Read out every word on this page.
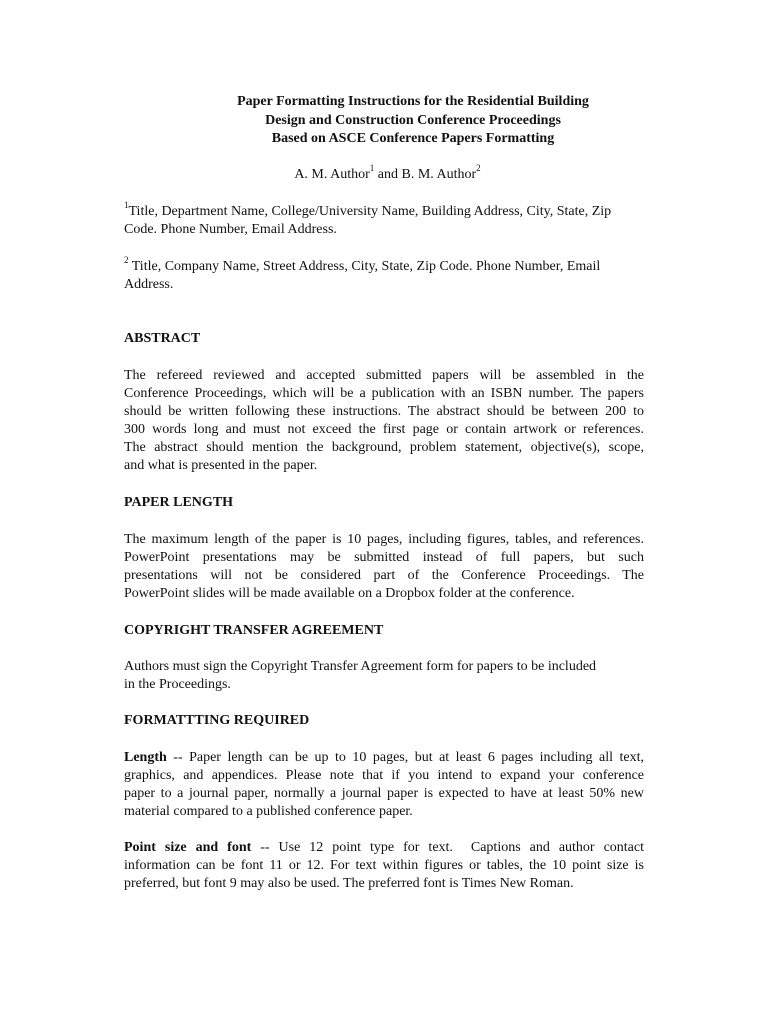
Paper Formatting Instructions for the Residential Building
Design and Construction Conference Proceedings
Based on ASCE Conference Papers Formatting
A. M. Author$^1$ and B. M. Author$^2$
$^1$Title, Department Name, College/University Name, Building Address, City, State, Zip
Code. Phone Number, Email Address.
$^2$ Title, Company Name, Street Address, City, State, Zip Code. Phone Number, Email
Address.
ABSTRACT
The refereed reviewed and accepted submitted papers will be assembled in the
Conference Proceedings, which will be a publication with an ISBN number. The papers
should be written following these instructions. The abstract should be between 200 to
300 words long and must not exceed the first page or contain artwork or references.
The abstract should mention the background, problem statement, objective(s), scope,
and what is presented in the paper.
PAPER LENGTH
The maximum length of the paper is 10 pages, including figures, tables, and references.
PowerPoint presentations may be submitted instead of full papers, but such
presentations will not be considered part of the Conference Proceedings. The
PowerPoint slides will be made available on a Dropbox folder at the conference.
COPYRIGHT TRANSFER AGREEMENT
Authors must sign the Copyright Transfer Agreement form for papers to be included
in the Proceedings.
FORMATTTING REQUIRED
Length -- Paper length can be up to 10 pages, but at least 6 pages including all text,
graphics, and appendices. Please note that if you intend to expand your conference
paper to a journal paper, normally a journal paper is expected to have at least 50% new
material compared to a published conference paper.
Point size and font -- Use 12 point type for text.  Captions and author contact
information can be font 11 or 12. For text within figures or tables, the 10 point size is
preferred, but font 9 may also be used. The preferred font is Times New Roman.
